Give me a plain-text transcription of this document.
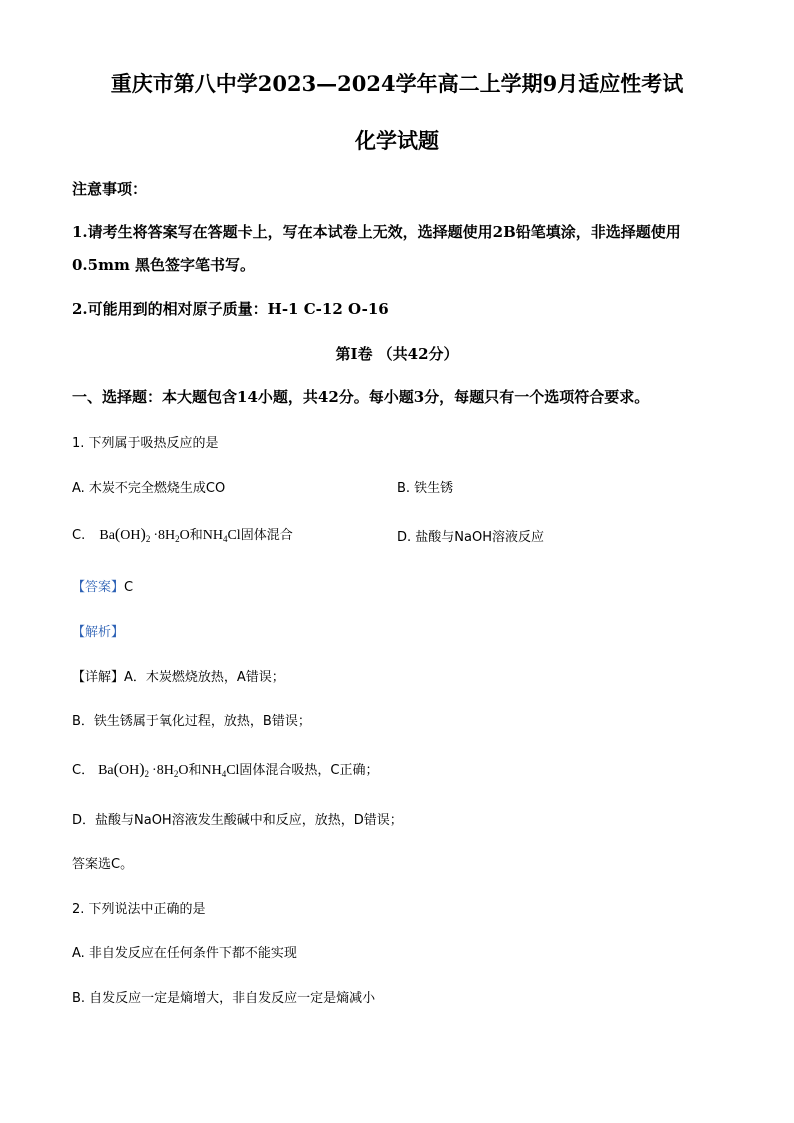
重庆市第八中学2023—2024学年高二上学期9月适应性考试
化学试题
注意事项：
1.请考生将答案写在答题卡上，写在本试卷上无效，选择题使用2B铅笔填涂，非选择题使用
0.5mm 黑色签字笔书写。
2.可能用到的相对原子质量：H-1 C-12 O-16
第Ⅰ卷 （共42分）
一、选择题：本大题包含14小题，共42分。每小题3分，每题只有一个选项符合要求。
1. 下列属于吸热反应的是
A. 木炭不完全燃烧生成CO	B. 铁生锈
C. $Ba(OH)_2 \cdot 8H_2O$和$NH_4Cl$固体混合	D. 盐酸与NaOH溶液反应
【答案】C
【解析】
【详解】A．木炭燃烧放热，A错误；
B．铁生锈属于氧化过程，放热，B错误；
C． $Ba(OH)_2 \cdot 8H_2O$和$NH_4Cl$固体混合吸热，C正确；
D．盐酸与NaOH溶液发生酸碱中和反应，放热，D错误；
答案选C。
2. 下列说法中正确的是
A. 非自发反应在任何条件下都不能实现
B. 自发反应一定是熵增大，非自发反应一定是熵减小
